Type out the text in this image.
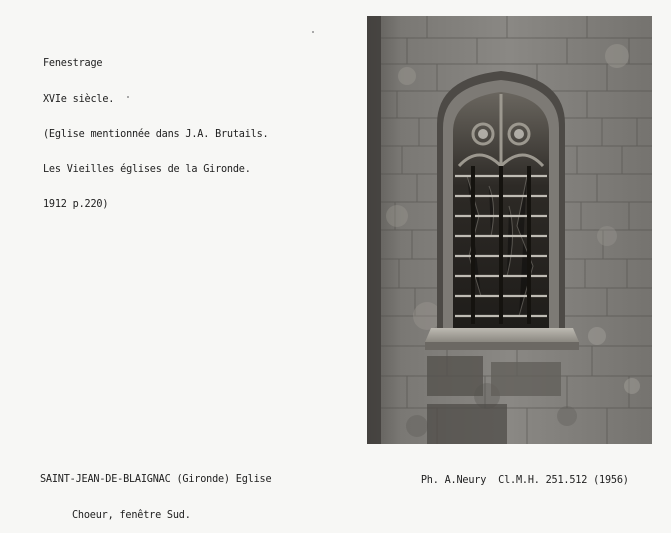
Fenestrage

XVIe siècle.

(Eglise mentionnée dans J.A. Brutails.

Les Vieilles églises de la Gironde.

1912 p.220)

SAINT-JEAN-DE-BLAIGNAC (Gironde) Eglise

Choeur, fenêtre Sud.

Ph. A.Neury Cl.M.H. 251.512 (1956)
